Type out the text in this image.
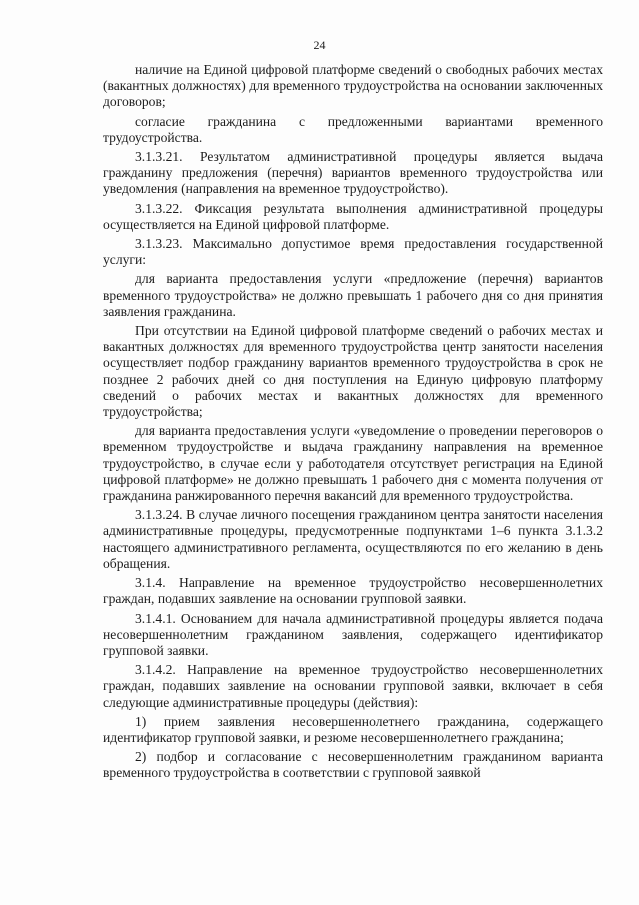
24

наличие на Единой цифровой платформе сведений о свободных рабочих местах (вакантных должностях) для временного трудоустройства на основании заключенных договоров;

согласие гражданина с предложенными вариантами временного трудоустройства.

3.1.3.21. Результатом административной процедуры является выдача гражданину предложения (перечня) вариантов временного трудоустройства или уведомления (направления на временное трудоустройство).

3.1.3.22. Фиксация результата выполнения административной процедуры осуществляется на Единой цифровой платформе.

3.1.3.23. Максимально допустимое время предоставления государственной услуги:

для варианта предоставления услуги «предложение (перечня) вариантов временного трудоустройства» не должно превышать 1 рабочего дня со дня принятия заявления гражданина.

При отсутствии на Единой цифровой платформе сведений о рабочих местах и вакантных должностях для временного трудоустройства центр занятости населения осуществляет подбор гражданину вариантов временного трудоустройства в срок не позднее 2 рабочих дней со дня поступления на Единую цифровую платформу сведений о рабочих местах и вакантных должностях для временного трудоустройства;

для варианта предоставления услуги «уведомление о проведении переговоров о временном трудоустройстве и выдача гражданину направления на временное трудоустройство, в случае если у работодателя отсутствует регистрация на Единой цифровой платформе» не должно превышать 1 рабочего дня с момента получения от гражданина ранжированного перечня вакансий для временного трудоустройства.

3.1.3.24. В случае личного посещения гражданином центра занятости населения административные процедуры, предусмотренные подпунктами 1–6 пункта 3.1.3.2 настоящего административного регламента, осуществляются по его желанию в день обращения.

3.1.4. Направление на временное трудоустройство несовершеннолетних граждан, подавших заявление на основании групповой заявки.

3.1.4.1. Основанием для начала административной процедуры является подача несовершеннолетним гражданином заявления, содержащего идентификатор групповой заявки.

3.1.4.2. Направление на временное трудоустройство несовершеннолетних граждан, подавших заявление на основании групповой заявки, включает в себя следующие административные процедуры (действия):

1) прием заявления несовершеннолетнего гражданина, содержащего идентификатор групповой заявки, и резюме несовершеннолетнего гражданина;

2) подбор и согласование с несовершеннолетним гражданином варианта временного трудоустройства в соответствии с групповой заявкой
